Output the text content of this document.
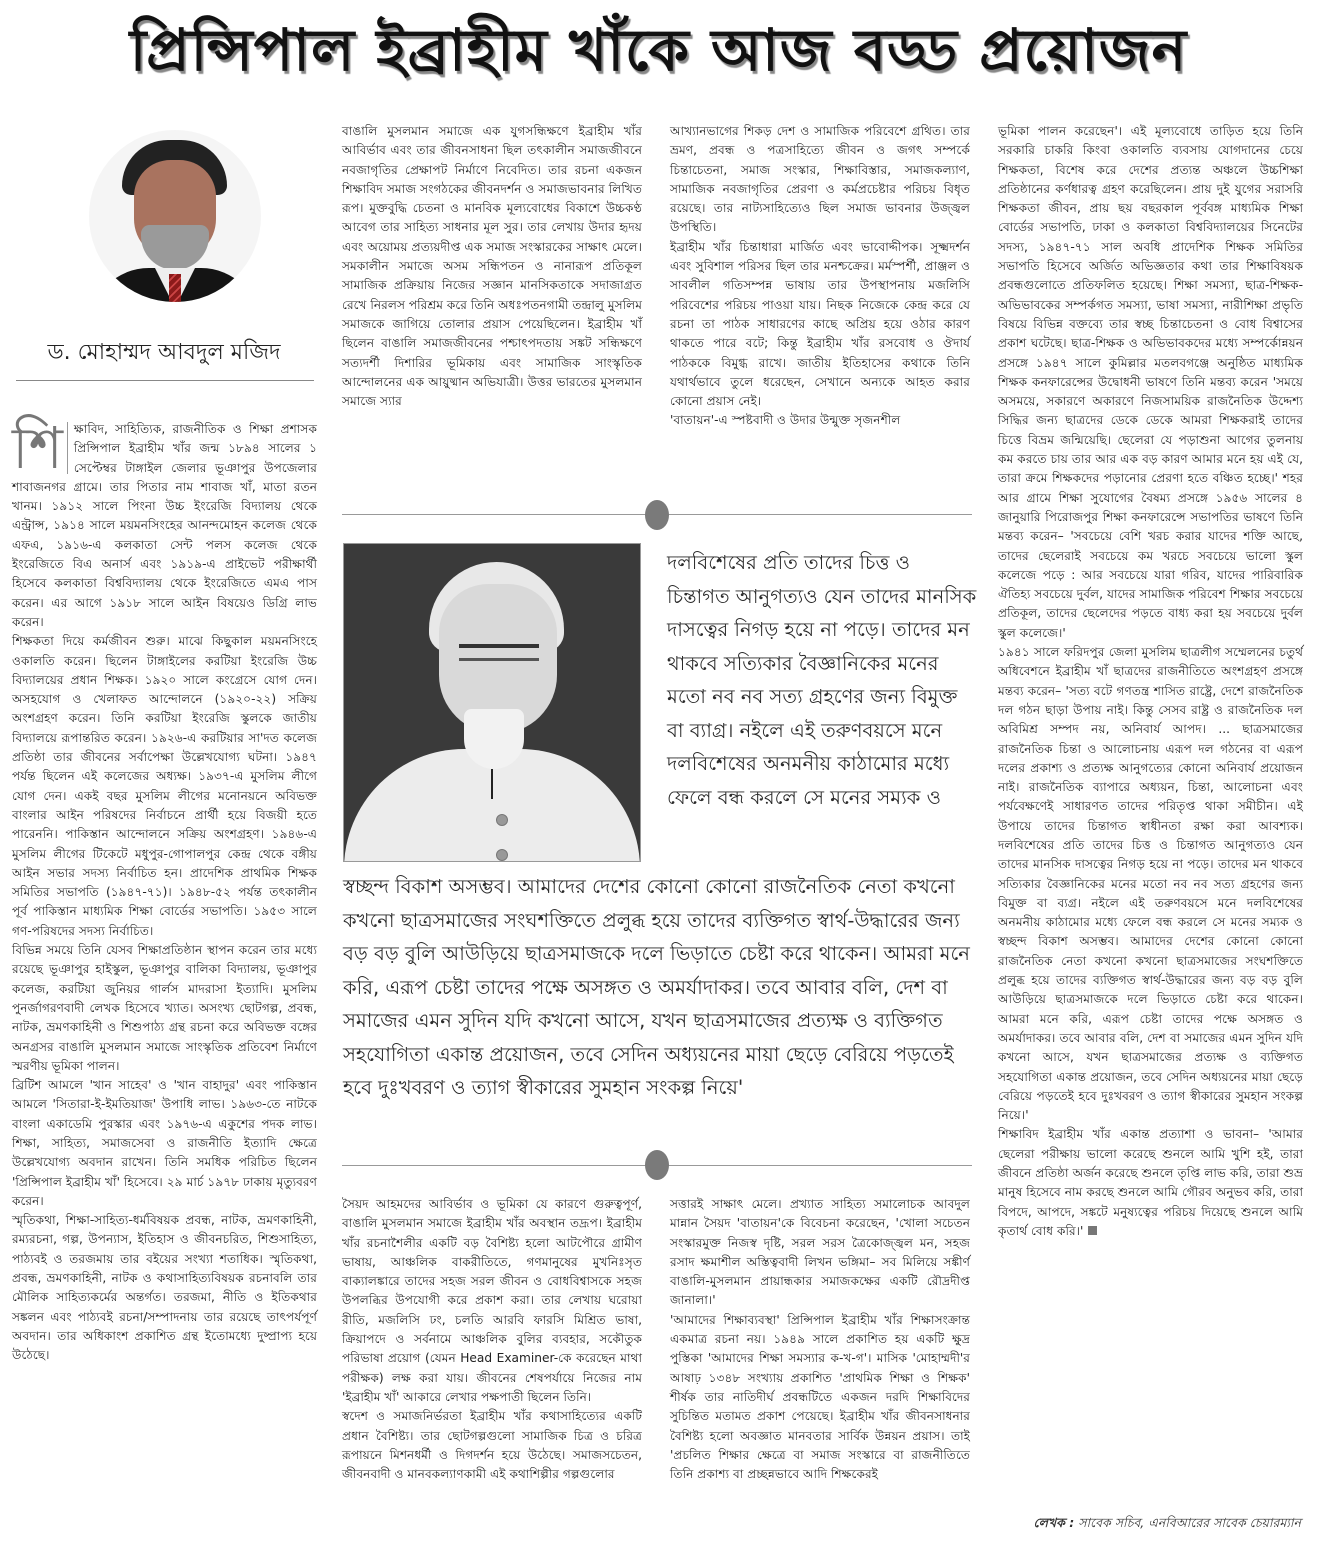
প্রিন্সিপাল ইব্রাহীম খাঁকে আজ বড্ড প্রয়োজন
ড. মোহাম্মদ আবদুল মজিদ
শি ক্ষাবিদ, সাহিত্যিক, রাজনীতিক ও শিক্ষা প্রশাসক প্রিন্সিপাল ইব্রাহীম খাঁর জন্ম ১৮৯৪ সালের ১ সেপ্টেম্বর টাঙ্গাইল জেলার ভূঞাপুর উপজেলার শাবাজনগর গ্রামে। তার পিতার নাম শাবাজ খাঁ, মাতা রতন খানম। ১৯১২ সালে পিংনা উচ্চ ইংরেজি বিদ্যালয় থেকে এন্ট্রান্স, ১৯১৪ সালে ময়মনসিংহের আনন্দমোহন কলেজ থেকে এফএ, ১৯১৬-এ কলকাতা সেন্ট পলস কলেজ থেকে ইংরেজিতে বিএ অনার্স এবং ১৯১৯-এ প্রাইভেট পরীক্ষার্থী হিসেবে কলকাতা বিশ্ববিদ্যালয় থেকে ইংরেজিতে এমএ পাস করেন। এর আগে ১৯১৮ সালে আইন বিষয়েও ডিগ্রি লাভ করেন।

শিক্ষকতা দিয়ে কর্মজীবন শুরু। মাঝে কিছুকাল ময়মনসিংহে ওকালতি করেন। ছিলেন টাঙ্গাইলের করটিয়া ইংরেজি উচ্চ বিদ্যালয়ের প্রধান শিক্ষক। ১৯২০ সালে কংগ্রেসে যোগ দেন। অসহযোগ ও খেলাফত আন্দোলনে (১৯২০-২২) সক্রিয় অংশগ্রহণ করেন। তিনি করটিয়া ইংরেজি স্কুলকে জাতীয় বিদ্যালয়ে রূপান্তরিত করেন। ১৯২৬-এ করটিয়ার সা'দত কলেজ প্রতিষ্ঠা তার জীবনের সর্বাপেক্ষা উল্লেখযোগ্য ঘটনা। ১৯৪৭ পর্যন্ত ছিলেন এই কলেজের অধ্যক্ষ। ১৯৩৭-এ মুসলিম লীগে যোগ দেন। একই বছর মুসলিম লীগের মনোনয়নে অবিভক্ত বাংলার আইন পরিষদের নির্বাচনে প্রার্থী হয়ে বিজয়ী হতে পারেননি। পাকিস্তান আন্দোলনে সক্রিয় অংশগ্রহণ। ১৯৪৬-এ মুসলিম লীগের টিকেটে মধুপুর-গোপালপুর কেন্দ্র থেকে বঙ্গীয় আইন সভার সদস্য নির্বাচিত হন। প্রাদেশিক প্রাথমিক শিক্ষক সমিতির সভাপতি (১৯৪৭-৭১)। ১৯৪৮-৫২ পর্যন্ত তৎকালীন পূর্ব পাকিস্তান মাধ্যমিক শিক্ষা বোর্ডের সভাপতি। ১৯৫৩ সালে গণ-পরিষদের সদস্য নির্বাচিত।

বিভিন্ন সময়ে তিনি যেসব শিক্ষাপ্রতিষ্ঠান স্থাপন করেন তার মধ্যে রয়েছে ভূঞাপুর হাইস্কুল, ভূঞাপুর বালিকা বিদ্যালয়, ভূঞাপুর কলেজ, করটিয়া জুনিয়র গার্লস মাদরাসা ইত্যাদি। মুসলিম পুনর্জাগরণবাদী লেখক হিসেবে খ্যাত। অসংখ্য ছোটগল্প, প্রবন্ধ, নাটক, ভ্রমণকাহিনী ও শিশুপাঠ্য গ্রন্থ রচনা করে অবিভক্ত বঙ্গের অনগ্রসর বাঙালি মুসলমান সমাজে সাংস্কৃতিক প্রতিবেশ নির্মাণে স্মরণীয় ভূমিকা পালন।

ব্রিটিশ আমলে 'খান সাহেব' ও 'খান বাহাদুর' এবং পাকিস্তান আমলে 'সিতারা-ই-ইমতিয়াজ' উপাধি লাভ। ১৯৬৩-তে নাটকে বাংলা একাডেমি পুরস্কার এবং ১৯৭৬-এ একুশের পদক লাভ। শিক্ষা, সাহিত্য, সমাজসেবা ও রাজনীতি ইত্যাদি ক্ষেত্রে উল্লেখযোগ্য অবদান রাখেন। তিনি সমধিক পরিচিত ছিলেন 'প্রিন্সিপাল ইব্রাহীম খাঁ' হিসেবে। ২৯ মার্চ ১৯৭৮ ঢাকায় মৃত্যুবরণ করেন।

স্মৃতিকথা, শিক্ষা-সাহিত্য-ধর্মবিষয়ক প্রবন্ধ, নাটক, ভ্রমণকাহিনী, রম্যরচনা, গল্প, উপন্যাস, ইতিহাস ও জীবনচরিত, শিশুসাহিত্য, পাঠ্যবই ও তরজমায় তার বইয়ের সংখ্যা শতাধিক। স্মৃতিকথা, প্রবন্ধ, ভ্রমণকাহিনী, নাটক ও কথাসাহিত্যবিষয়ক রচনাবলি তার মৌলিক সাহিত্যকর্মের অন্তর্গত। তরজমা, নীতি ও ইতিকথার সঙ্কলন এবং পাঠ্যবই রচনা/সম্পাদনায় তার রয়েছে তাৎপর্যপূর্ণ অবদান। তার অধিকাংশ প্রকাশিত গ্রন্থ ইতোমধ্যে দুষ্প্রাপ্য হয়ে উঠেছে।

বাঙালি মুসলমান সমাজে এক যুগসন্ধিক্ষণে ইব্রাহীম খাঁর আবির্ভাব এবং তার জীবনসাধনা ছিল তৎকালীন সমাজজীবনে নবজাগৃতির প্রেক্ষাপট নির্মাণে নিবেদিত। তার রচনা একজন শিক্ষাবিদ সমাজ সংগঠকের জীবনদর্শন ও সমাজভাবনার লিখিত রূপ। মুক্তবুদ্ধি চেতনা ও মানবিক মূল্যবোধের বিকাশে উচ্চকণ্ঠ আবেগ তার সাহিত্য সাধনার মূল সুর। তার লেখায় উদার হৃদয় এবং অয়োময় প্রত্যয়দীপ্ত এক সমাজ সংস্কারকের সাক্ষাৎ মেলে। সমকালীন সমাজে অসম সন্ধিপতন ও নানারূপ প্রতিকূল সামাজিক প্রক্রিয়ায় নিজের সজ্ঞান মানসিকতাকে সদাজাগ্রত রেখে নিরলস পরিশ্রম করে তিনি অধঃপতনগামী তন্দ্রালু মুসলিম সমাজকে জাগিয়ে তোলার প্রয়াস পেয়েছিলেন। ইব্রাহীম খাঁ ছিলেন বাঙালি সমাজজীবনের পশ্চাৎপদতায় সঙ্কট সন্ধিক্ষণে সত্যদর্শী দিশারির ভূমিকায় এবং সামাজিক সাংস্কৃতিক আন্দোলনের এক আয়ুষ্মান অভিযাত্রী। উত্তর ভারতের মুসলমান সমাজে স্যার

আখ্যানভাগের শিকড় দেশ ও সামাজিক পরিবেশে গ্রথিত। তার ভ্রমণ, প্রবন্ধ ও পত্রসাহিত্যে জীবন ও জগৎ সম্পর্কে চিন্তাচেতনা, সমাজ সংস্কার, শিক্ষাবিস্তার, সমাজকল্যাণ, সামাজিক নবজাগৃতির প্রেরণা ও কর্মপ্রচেষ্টার পরিচয় বিধৃত রয়েছে। তার নাট্যসাহিত্যেও ছিল সমাজ ভাবনার উজ্জ্বল উপস্থিতি।

ইব্রাহীম খাঁর চিন্তাধারা মার্জিত এবং ভাবোদ্দীপক। সূক্ষ্মদর্শন এবং সুবিশাল পরিসর ছিল তার মনশ্চক্রের। মর্মস্পর্শী, প্রাঞ্জল ও সাবলীল গতিসম্পন্ন ভাষায় তার উপস্থাপনায় মজলিসি পরিবেশের পরিচয় পাওয়া যায়। নিছক নিজেকে কেন্দ্র করে যে রচনা তা পাঠক সাধারণের কাছে অপ্রিয় হয়ে ওঠার কারণ থাকতে পারে বটে; কিন্তু ইব্রাহীম খাঁর রসবোধ ও ঔদার্য পাঠককে বিমুগ্ধ রাখে। জাতীয় ইতিহাসের কথাকে তিনি যথার্থভাবে তুলে ধরেছেন, সেখানে অন্যকে আহত করার কোনো প্রয়াস নেই।

'বাতায়ন'-এ স্পষ্টবাদী ও উদার উন্মুক্ত সৃজনশীল

ভূমিকা পালন করেছেন'। এই মূল্যবোধে তাড়িত হয়ে তিনি সরকারি চাকরি কিংবা ওকালতি ব্যবসায় যোগদানের চেয়ে শিক্ষকতা, বিশেষ করে দেশের প্রত্যন্ত অঞ্চলে উচ্চশিক্ষা প্রতিষ্ঠানের কর্ণধারত্ব গ্রহণ করেছিলেন। প্রায় দুই যুগের সরাসরি শিক্ষকতা জীবন, প্রায় ছয় বছরকাল পূর্ববঙ্গ মাধ্যমিক শিক্ষা বোর্ডের সভাপতি, ঢাকা ও কলকাতা বিশ্ববিদ্যালয়ের সিনেটের সদস্য, ১৯৪৭-৭১ সাল অবধি প্রাদেশিক শিক্ষক সমিতির সভাপতি হিসেবে অর্জিত অভিজ্ঞতার কথা তার শিক্ষাবিষয়ক প্রবন্ধগুলোতে প্রতিফলিত হয়েছে। শিক্ষা সমস্যা, ছাত্র-শিক্ষক-অভিভাবকের সম্পর্কগত সমস্যা, ভাষা সমস্যা, নারীশিক্ষা প্রভৃতি বিষয়ে বিভিন্ন বক্তব্যে তার স্বচ্ছ চিন্তাচেতনা ও বোধ বিশ্বাসের প্রকাশ ঘটেছে। ছাত্র-শিক্ষক ও অভিভাবকদের মধ্যে সম্পর্কোন্নয়ন প্রসঙ্গে ১৯৪৭ সালে কুমিল্লার মতলবগঞ্জে অনুষ্ঠিত মাধ্যমিক শিক্ষক কনফারেন্সের উদ্বোধনী ভাষণে তিনি মন্তব্য করেন 'সময়ে অসময়ে, সকারণে অকারণে নিজসাময়িক রাজনৈতিক উদ্দেশ্য সিদ্ধির জন্য ছাত্রদের ডেকে ডেকে আমরা শিক্ষকরাই তাদের চিত্তে বিভ্রম জন্মিয়েছি। ছেলেরা যে পড়াশুনা আগের তুলনায় কম করতে চায় তার আর এক বড় কারণ আমার মনে হয় এই যে, তারা ক্রমে শিক্ষকদের পড়ানোর প্রেরণা হতে বঞ্চিত হচ্ছে।' শহর আর গ্রামে শিক্ষা সুযোগের বৈষম্য প্রসঙ্গে ১৯৫৬ সালের ৪ জানুয়ারি পিরোজপুর শিক্ষা কনফারেন্সে সভাপতির ভাষণে তিনি মন্তব্য করেন– 'সবচেয়ে বেশি খরচ করার যাদের শক্তি আছে, তাদের ছেলেরাই সবচেয়ে কম খরচে সবচেয়ে ভালো স্কুল কলেজে পড়ে : আর সবচেয়ে যারা গরিব, যাদের পারিবারিক ঐতিহ্য সবচেয়ে দুর্বল, যাদের সামাজিক পরিবেশ শিক্ষার সবচেয়ে প্রতিকূল, তাদের ছেলেদের পড়তে বাধ্য করা হয় সবচেয়ে দুর্বল স্কুল কলেজে।'

১৯৪১ সালে ফরিদপুর জেলা মুসলিম ছাত্রলীগ সম্মেলনের চতুর্থ অধিবেশনে ইব্রাহীম খাঁ ছাত্রদের রাজনীতিতে অংশগ্রহণ প্রসঙ্গে মন্তব্য করেন– 'সত্য বটে গণতন্ত্র শাসিত রাষ্ট্রে, দেশে রাজনৈতিক দল গঠন ছাড়া উপায় নাই। কিন্তু সেসব রাষ্ট্র ও রাজনৈতিক দল অবিমিশ্র সম্পদ নয়, অনিবার্য আপদ। ... ছাত্রসমাজের রাজনৈতিক চিন্তা ও আলোচনায় এরূপ দল গঠনের বা এরূপ দলের প্রকাশ্য ও প্রত্যক্ষ আনুগত্যের কোনো অনিবার্য প্রয়োজন নাই। রাজনৈতিক ব্যাপারে অধ্যয়ন, চিন্তা, আলোচনা এবং পর্যবেক্ষণেই সাধারণত তাদের পরিতৃপ্ত থাকা সমীচীন। এই উপায়ে তাদের চিন্তাগত স্বাধীনতা রক্ষা করা আবশ্যক। দলবিশেষের প্রতি তাদের চিত্ত ও চিন্তাগত আনুগত্যও যেন তাদের মানসিক দাসত্বের নিগড় হয়ে না পড়ে। তাদের মন থাকবে সত্যিকার বৈজ্ঞানিকের মনের মতো নব নব সত্য গ্রহণের জন্য বিমুক্ত বা ব্যগ্র। নইলে এই তরুণবয়সে মনে দলবিশেষের অনমনীয় কাঠামোর মধ্যে ফেলে বন্ধ করলে সে মনের সম্যক ও স্বচ্ছন্দ বিকাশ অসম্ভব। আমাদের দেশের কোনো কোনো রাজনৈতিক নেতা কখনো কখনো ছাত্রসমাজের সংঘশক্তিতে প্রলুব্ধ হয়ে তাদের ব্যক্তিগত স্বার্থ-উদ্ধারের জন্য বড় বড় বুলি আউড়িয়ে ছাত্রসমাজকে দলে ভিড়াতে চেষ্টা করে থাকেন। আমরা মনে করি, এরূপ চেষ্টা তাদের পক্ষে অসঙ্গত ও অমর্যাদাকর। তবে আবার বলি, দেশ বা সমাজের এমন সুদিন যদি কখনো আসে, যখন ছাত্রসমাজের প্রত্যক্ষ ও ব্যক্তিগত সহযোগিতা একান্ত প্রয়োজন, তবে সেদিন অধ্যয়নের মায়া ছেড়ে বেরিয়ে পড়তেই হবে দুঃখবরণ ও ত্যাগ স্বীকারের সুমহান সংকল্প নিয়ে।'

শিক্ষাবিদ ইব্রাহীম খাঁর একান্ত প্রত্যাশা ও ভাবনা– 'আমার ছেলেরা পরীক্ষায় ভালো করেছে শুনলে আমি খুশি হই, তারা জীবনে প্রতিষ্ঠা অর্জন করেছে শুনলে তৃপ্তি লাভ করি, তারা শুভ্র মানুষ হিসেবে নাম করছে শুনলে আমি গৌরব অনুভব করি, তারা বিপদে, আপদে, সঙ্কটে মনুষ্যত্বের পরিচয় দিয়েছে শুনলে আমি কৃতার্থ বোধ করি।'

দলবিশেষের প্রতি তাদের চিত্ত ও চিন্তাগত আনুগত্যও যেন তাদের মানসিক দাসত্বের নিগড় হয়ে না পড়ে। তাদের মন থাকবে সত্যিকার বৈজ্ঞানিকের মনের মতো নব নব সত্য গ্রহণের জন্য বিমুক্ত বা ব্যাগ্র। নইলে এই তরুণবয়সে মনে দলবিশেষের অনমনীয় কাঠামোর মধ্যে ফেলে বন্ধ করলে সে মনের সম্যক ও
স্বচ্ছন্দ বিকাশ অসম্ভব। আমাদের দেশের কোনো কোনো রাজনৈতিক নেতা কখনো কখনো ছাত্রসমাজের সংঘশক্তিতে প্রলুব্ধ হয়ে তাদের ব্যক্তিগত স্বার্থ-উদ্ধারের জন্য বড় বড় বুলি আউড়িয়ে ছাত্রসমাজকে দলে ভিড়াতে চেষ্টা করে থাকেন। আমরা মনে করি, এরূপ চেষ্টা তাদের পক্ষে অসঙ্গত ও অমর্যাদাকর। তবে আবার বলি, দেশ বা সমাজের এমন সুদিন যদি কখনো আসে, যখন ছাত্রসমাজের প্রত্যক্ষ ও ব্যক্তিগত সহযোগিতা একান্ত প্রয়োজন, তবে সেদিন অধ্যয়নের মায়া ছেড়ে বেরিয়ে পড়তেই হবে দুঃখবরণ ও ত্যাগ স্বীকারের সুমহান সংকল্প নিয়ে'

সৈয়দ আহমদের আবির্ভাব ও ভূমিকা যে কারণে গুরুত্বপূর্ণ, বাঙালি মুসলমান সমাজে ইব্রাহীম খাঁর অবস্থান তদ্রূপ। ইব্রাহীম খাঁর রচনাশৈলীর একটি বড় বৈশিষ্ট্য হলো আটপৌরে গ্রামীণ ভাষায়, আঞ্চলিক বাকরীতিতে, গণমানুষের মুখনিঃসৃত বাক্যালঙ্কারে তাদের সহজ সরল জীবন ও বোধবিশ্বাসকে সহজ উপলব্ধির উপযোগী করে প্রকাশ করা। তার লেখায় ঘরোয়া রীতি, মজলিসি ঢং, চলতি আরবি ফারসি মিশ্রিত ভাষা, ক্রিয়াপদে ও সর্বনামে আঞ্চলিক বুলির ব্যবহার, সকৌতুক পরিভাষা প্রয়োগ (যেমন Head Examiner-কে করেছেন মাথা পরীক্ষক) লক্ষ করা যায়। জীবনের শেষপর্যায়ে নিজের নাম 'ইব্রাহীম খাঁ' আকারে লেখার পক্ষপাতী ছিলেন তিনি।

স্বদেশ ও সমাজনির্ভরতা ইব্রাহীম খাঁর কথাসাহিত্যের একটি প্রধান বৈশিষ্ট্য। তার ছোটগল্পগুলো সামাজিক চিত্র ও চরিত্র রূপায়নে মিশনধর্মী ও দিগদর্শন হয়ে উঠেছে। সমাজসচেতন, জীবনবাদী ও মানবকল্যাণকামী এই কথাশিল্পীর গল্পগুলোর

সত্তারই সাক্ষাৎ মেলে। প্রখ্যাত সাহিত্য সমালোচক আবদুল মান্নান সৈয়দ 'বাতায়ন'কে বিবেচনা করেছেন, 'খোলা সচেতন সংস্কারমুক্ত নিজস্ব দৃষ্টি, সরল সরস ত্রৈকোজ্জ্বল মন, সহজ রসাদ ক্ষমাশীল অস্তিত্ববাদী লিখন ভঙ্গিমা– সব মিলিয়ে সঙ্কীর্ণ বাঙালি-মুসলমান প্রায়ান্ধকার সমাজকক্ষের একটি রৌদ্রদীপ্ত জানালা।'

'আমাদের শিক্ষাব্যবস্থা' প্রিন্সিপাল ইব্রাহীম খাঁর শিক্ষাসংক্রান্ত একমাত্র রচনা নয়। ১৯৪৯ সালে প্রকাশিত হয় একটি ক্ষুদ্র পুস্তিকা 'আমাদের শিক্ষা সমস্যার ক-খ-গ'। মাসিক 'মোহাম্মদী'র আষাঢ় ১৩৪৮ সংখ্যায় প্রকাশিত 'প্রাথমিক শিক্ষা ও শিক্ষক' শীর্ষক তার নাতিদীর্ঘ প্রবন্ধটিতে একজন দরদি শিক্ষাবিদের সুচিন্তিত মতামত প্রকাশ পেয়েছে। ইব্রাহীম খাঁর জীবনসাধনার বৈশিষ্ট্য হলো অবজ্ঞাত মানবতার সার্বিক উন্নয়ন প্রয়াস। তাই 'প্রচলিত শিক্ষার ক্ষেত্রে বা সমাজ সংস্কারে বা রাজনীতিতে তিনি প্রকাশ্য বা প্রচ্ছন্নভাবে আদি শিক্ষকেরই

লেখক : সাবেক সচিব, এনবিআরের সাবেক চেয়ারম্যান
